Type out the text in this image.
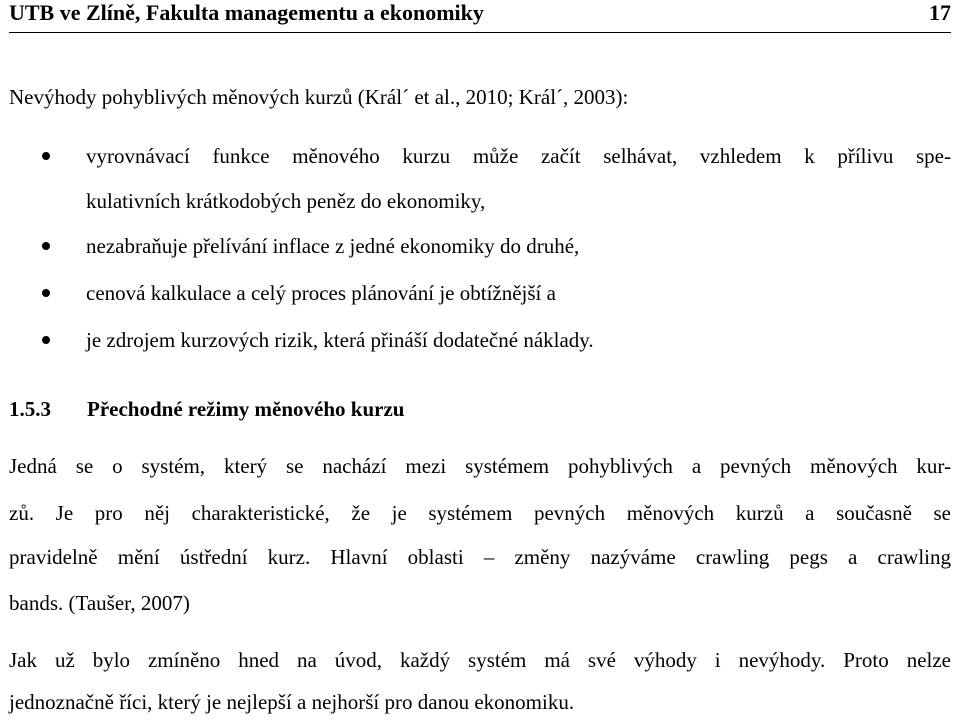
UTB ve Zlíně, Fakulta managementu a ekonomiky	17
Nevýhody pohyblivých měnových kurzů (Král´ et al., 2010; Král´, 2003):
vyrovnávací funkce měnového kurzu může začít selhávat, vzhledem k přílivu spe-
kulativních krátkodobých peněz do ekonomiky,
nezabraňuje přelívání inflace z jedné ekonomiky do druhé,
cenová kalkulace a celý proces plánování je obtížnější a
je zdrojem kurzových rizik, která přináší dodatečné náklady.
1.5.3 Přechodné režimy měnového kurzu
Jedná se o systém, který se nachází mezi systémem pohyblivých a pevných měnových kur-
zů. Je pro něj charakteristické, že je systémem pevných měnových kurzů a současně se
pravidelně mění ústřední kurz. Hlavní oblasti – změny nazýváme crawling pegs a crawling
bands. (Taušer, 2007)
Jak už bylo zmíněno hned na úvod, každý systém má své výhody i nevýhody. Proto nelze
jednoznačně říci, který je nejlepší a nejhorší pro danou ekonomiku.
